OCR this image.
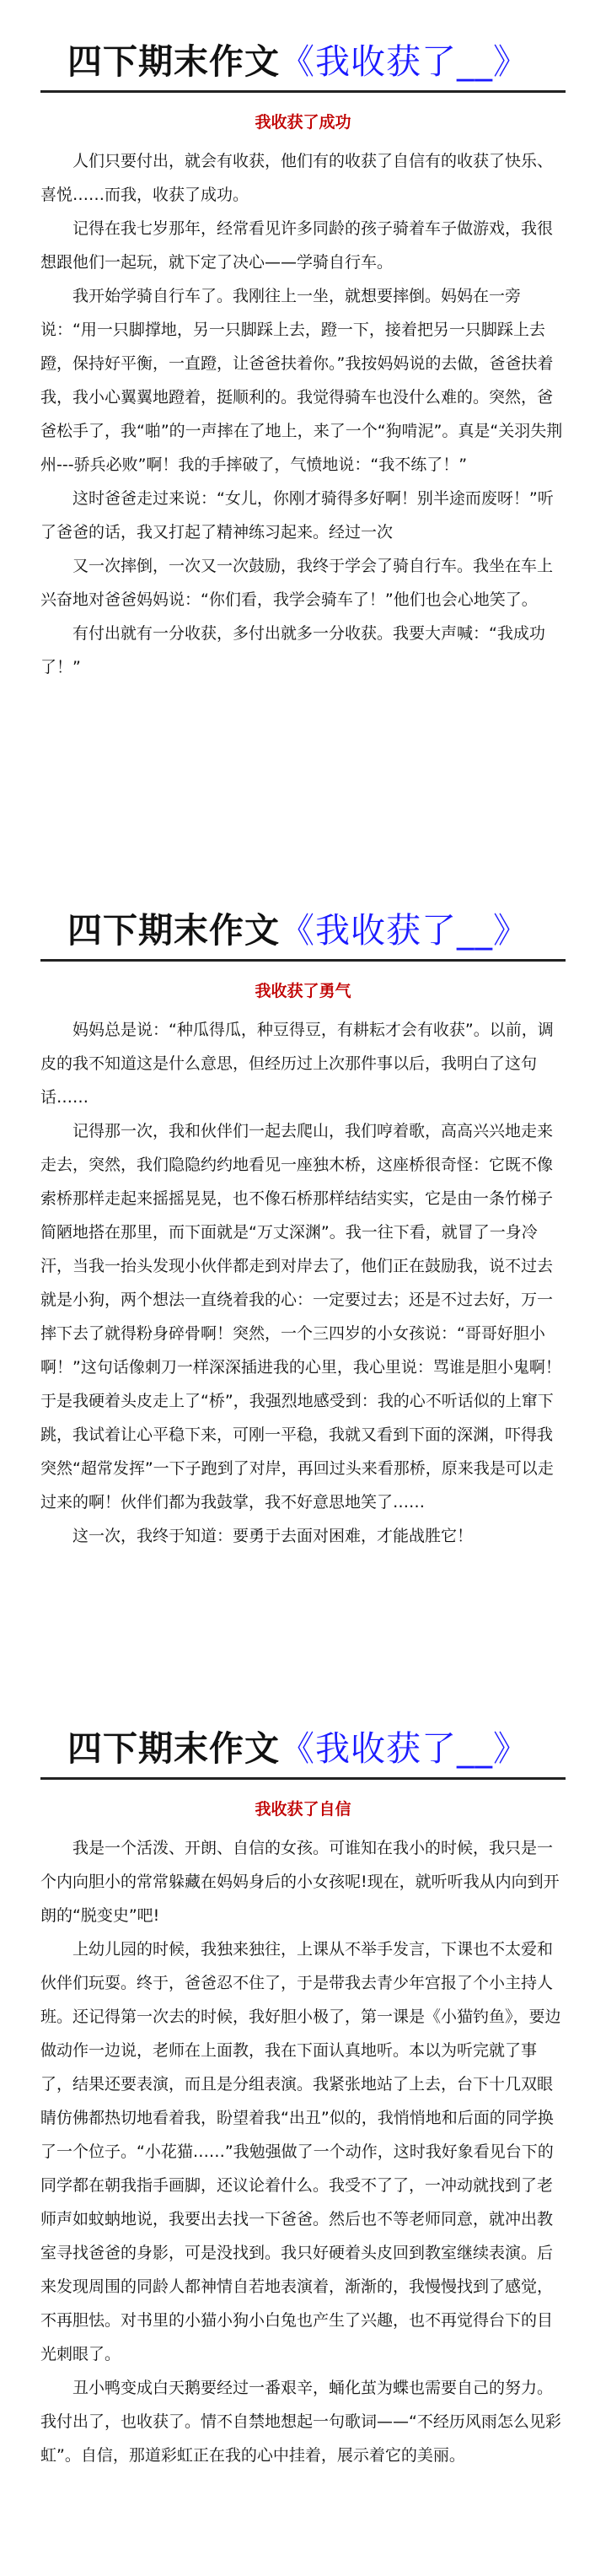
四下期末作文《我收获了__》
我收获了成功

人们只要付出，就会有收获，他们有的收获了自信有的收获了快乐、喜悦……而我，收获了成功。

记得在我七岁那年，经常看见许多同龄的孩子骑着车子做游戏，我很想跟他们一起玩，就下定了决心——学骑自行车。

我开始学骑自行车了。我刚往上一坐，就想要摔倒。妈妈在一旁说：“用一只脚撑地，另一只脚踩上去，蹬一下，接着把另一只脚踩上去蹬，保持好平衡，一直蹬，让爸爸扶着你。”我按妈妈说的去做，爸爸扶着我，我小心翼翼地蹬着，挺顺利的。我觉得骑车也没什么难的。突然，爸爸松手了，我“啪”的一声摔在了地上，来了一个“狗啃泥”。真是“关羽失荆州---骄兵必败”啊！我的手摔破了，气愤地说：“我不练了！”

这时爸爸走过来说：“女儿，你刚才骑得多好啊！别半途而废呀！”听了爸爸的话，我又打起了精神练习起来。经过一次

又一次摔倒，一次又一次鼓励，我终于学会了骑自行车。我坐在车上兴奋地对爸爸妈妈说：“你们看，我学会骑车了！”他们也会心地笑了。

有付出就有一分收获，多付出就多一分收获。我要大声喊：“我成功了！”

四下期末作文《我收获了__》
我收获了勇气

妈妈总是说：“种瓜得瓜，种豆得豆，有耕耘才会有收获”。以前，调皮的我不知道这是什么意思，但经历过上次那件事以后，我明白了这句话……

记得那一次，我和伙伴们一起去爬山，我们哼着歌，高高兴兴地走来走去，突然，我们隐隐约约地看见一座独木桥，这座桥很奇怪：它既不像索桥那样走起来摇摇晃晃，也不像石桥那样结结实实，它是由一条竹梯子简陋地搭在那里，而下面就是“万丈深渊”。我一往下看，就冒了一身冷汗，当我一抬头发现小伙伴都走到对岸去了，他们正在鼓励我，说不过去就是小狗，两个想法一直绕着我的心：一定要过去；还是不过去好，万一摔下去了就得粉身碎骨啊！突然，一个三四岁的小女孩说：“哥哥好胆小啊！”这句话像刺刀一样深深插进我的心里，我心里说：骂谁是胆小鬼啊！于是我硬着头皮走上了“桥”，我强烈地感受到：我的心不听话似的上窜下跳，我试着让心平稳下来，可刚一平稳，我就又看到下面的深渊，吓得我突然“超常发挥”一下子跑到了对岸，再回过头来看那桥，原来我是可以走过来的啊！伙伴们都为我鼓掌，我不好意思地笑了……

这一次，我终于知道：要勇于去面对困难，才能战胜它！

四下期末作文《我收获了__》
我收获了自信

我是一个活泼、开朗、自信的女孩。可谁知在我小的时候，我只是一个内向胆小的常常躲藏在妈妈身后的小女孩呢!现在，就听听我从内向到开朗的“脱变史”吧!

上幼儿园的时候，我独来独往，上课从不举手发言，下课也不太爱和伙伴们玩耍。终于，爸爸忍不住了，于是带我去青少年宫报了个小主持人班。还记得第一次去的时候，我好胆小极了，第一课是《小猫钓鱼》，要边做动作一边说，老师在上面教，我在下面认真地听。本以为听完就了事了，结果还要表演，而且是分组表演。我紧张地站了上去，台下十几双眼睛仿佛都热切地看着我，盼望着我“出丑”似的，我悄悄地和后面的同学换了一个位子。“小花猫……”我勉强做了一个动作，这时我好象看见台下的同学都在朝我指手画脚，还议论着什么。我受不了了，一冲动就找到了老师声如蚊蚋地说，我要出去找一下爸爸。然后也不等老师同意，就冲出教室寻找爸爸的身影，可是没找到。我只好硬着头皮回到教室继续表演。后来发现周围的同龄人都神情自若地表演着，渐渐的，我慢慢找到了感觉，不再胆怯。对书里的小猫小狗小白兔也产生了兴趣，也不再觉得台下的目光刺眼了。

丑小鸭变成白天鹅要经过一番艰辛，蛹化茧为蝶也需要自己的努力。我付出了，也收获了。情不自禁地想起一句歌词——“不经历风雨怎么见彩虹”。自信，那道彩虹正在我的心中挂着，展示着它的美丽。
